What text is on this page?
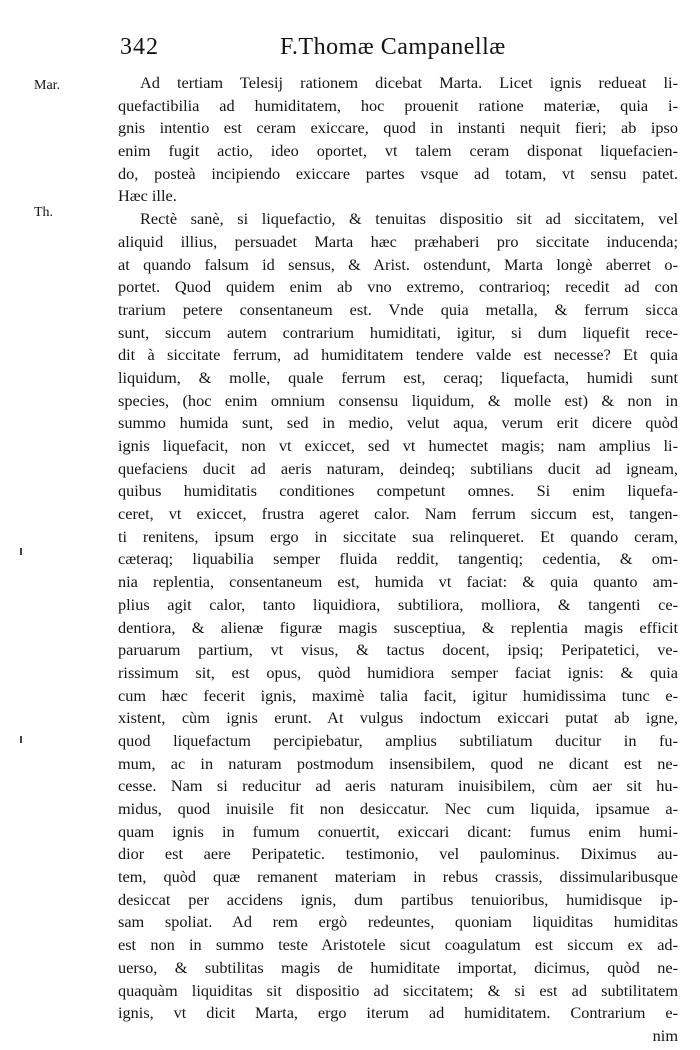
342	F.Thomæ Campanellæ
Mar.
Th.
Ad tertiam Telesij rationem dicebat Marta. Licet ignis redueat li-
quefactibilia ad humiditatem, hoc prouenit ratione materiæ, quia i-
gnis intentio est ceram exiccare, quod in instanti nequit fieri; ab ipso
enim fugit actio, ideo oportet, vt talem ceram disponat liquefacien-
do, posteà incipiendo exiccare partes vsque ad totam, vt sensu patet.
Hæc ille.
Rectè sanè, si liquefactio, & tenuitas dispositio sit ad siccitatem, vel
aliquid illius, persuadet Marta hæc præhaberi pro siccitate inducenda;
at quando falsum id sensus, & Arist. ostendunt, Marta longè aberret o-
portet. Quod quidem enim ab vno extremo, contrarioq; recedit ad con
trarium petere consentaneum est. Vnde quia metalla, & ferrum sicca
sunt, siccum autem contrarium humiditati, igitur, si dum liquefit rece-
dit à siccitate ferrum, ad humiditatem tendere valde est necesse? Et quia
liquidum, & molle, quale ferrum est, ceraq; liquefacta, humidi sunt
species, (hoc enim omnium consensu liquidum, & molle est) & non in
summo humida sunt, sed in medio, velut aqua, verum erit dicere quòd
ignis liquefacit, non vt exiccet, sed vt humectet magis; nam amplius li-
quefaciens ducit ad aeris naturam, deindeq; subtilians ducit ad igneam,
quibus humiditatis conditiones competunt omnes. Si enim liquefa-
ceret, vt exiccet, frustra ageret calor. Nam ferrum siccum est, tangen-
ti renitens, ipsum ergo in siccitate sua relinqueret. Et quando ceram,
cæteraq; liquabilia semper fluida reddit, tangentiq; cedentia, & om-
nia replentia, consentaneum est, humida vt faciat: & quia quanto am-
plius agit calor, tanto liquidiora, subtiliora, molliora, & tangenti ce-
dentiora, & alienæ figuræ magis susceptiua, & replentia magis efficit
paruarum partium, vt visus, & tactus docent, ipsiq; Peripatetici, ve-
rissimum sit, est opus, quòd humidiora semper faciat ignis: & quia
cum hæc fecerit ignis, maximè talia facit, igitur humidissima tunc e-
xistent, cùm ignis erunt. At vulgus indoctum exiccari putat ab igne,
quod liquefactum percipiebatur, amplius subtiliatum ducitur in fu-
mum, ac in naturam postmodum insensibilem, quod ne dicant est ne-
cesse. Nam si reducitur ad aeris naturam inuisibilem, cùm aer sit hu-
midus, quod inuisile fit non desiccatur. Nec cum liquida, ipsamue a-
quam ignis in fumum conuertit, exiccari dicant: fumus enim humi-
dior est aere Peripatetic. testimonio, vel paulominus. Diximus au-
tem, quòd quæ remanent materiam in rebus crassis, dissimularibusque
desiccat per accidens ignis, dum partibus tenuioribus, humidisque ip-
sam spoliat. Ad rem ergò redeuntes, quoniam liquiditas humiditas
est non in summo teste Aristotele sicut coagulatum est siccum ex ad-
uerso, & subtilitas magis de humiditate importat, dicimus, quòd ne-
quaquàm liquiditas sit dispositio ad siccitatem; & si est ad subtilitatem
ignis, vt dicit Marta, ergo iterum ad humiditatem. Contrarium e-
nim
